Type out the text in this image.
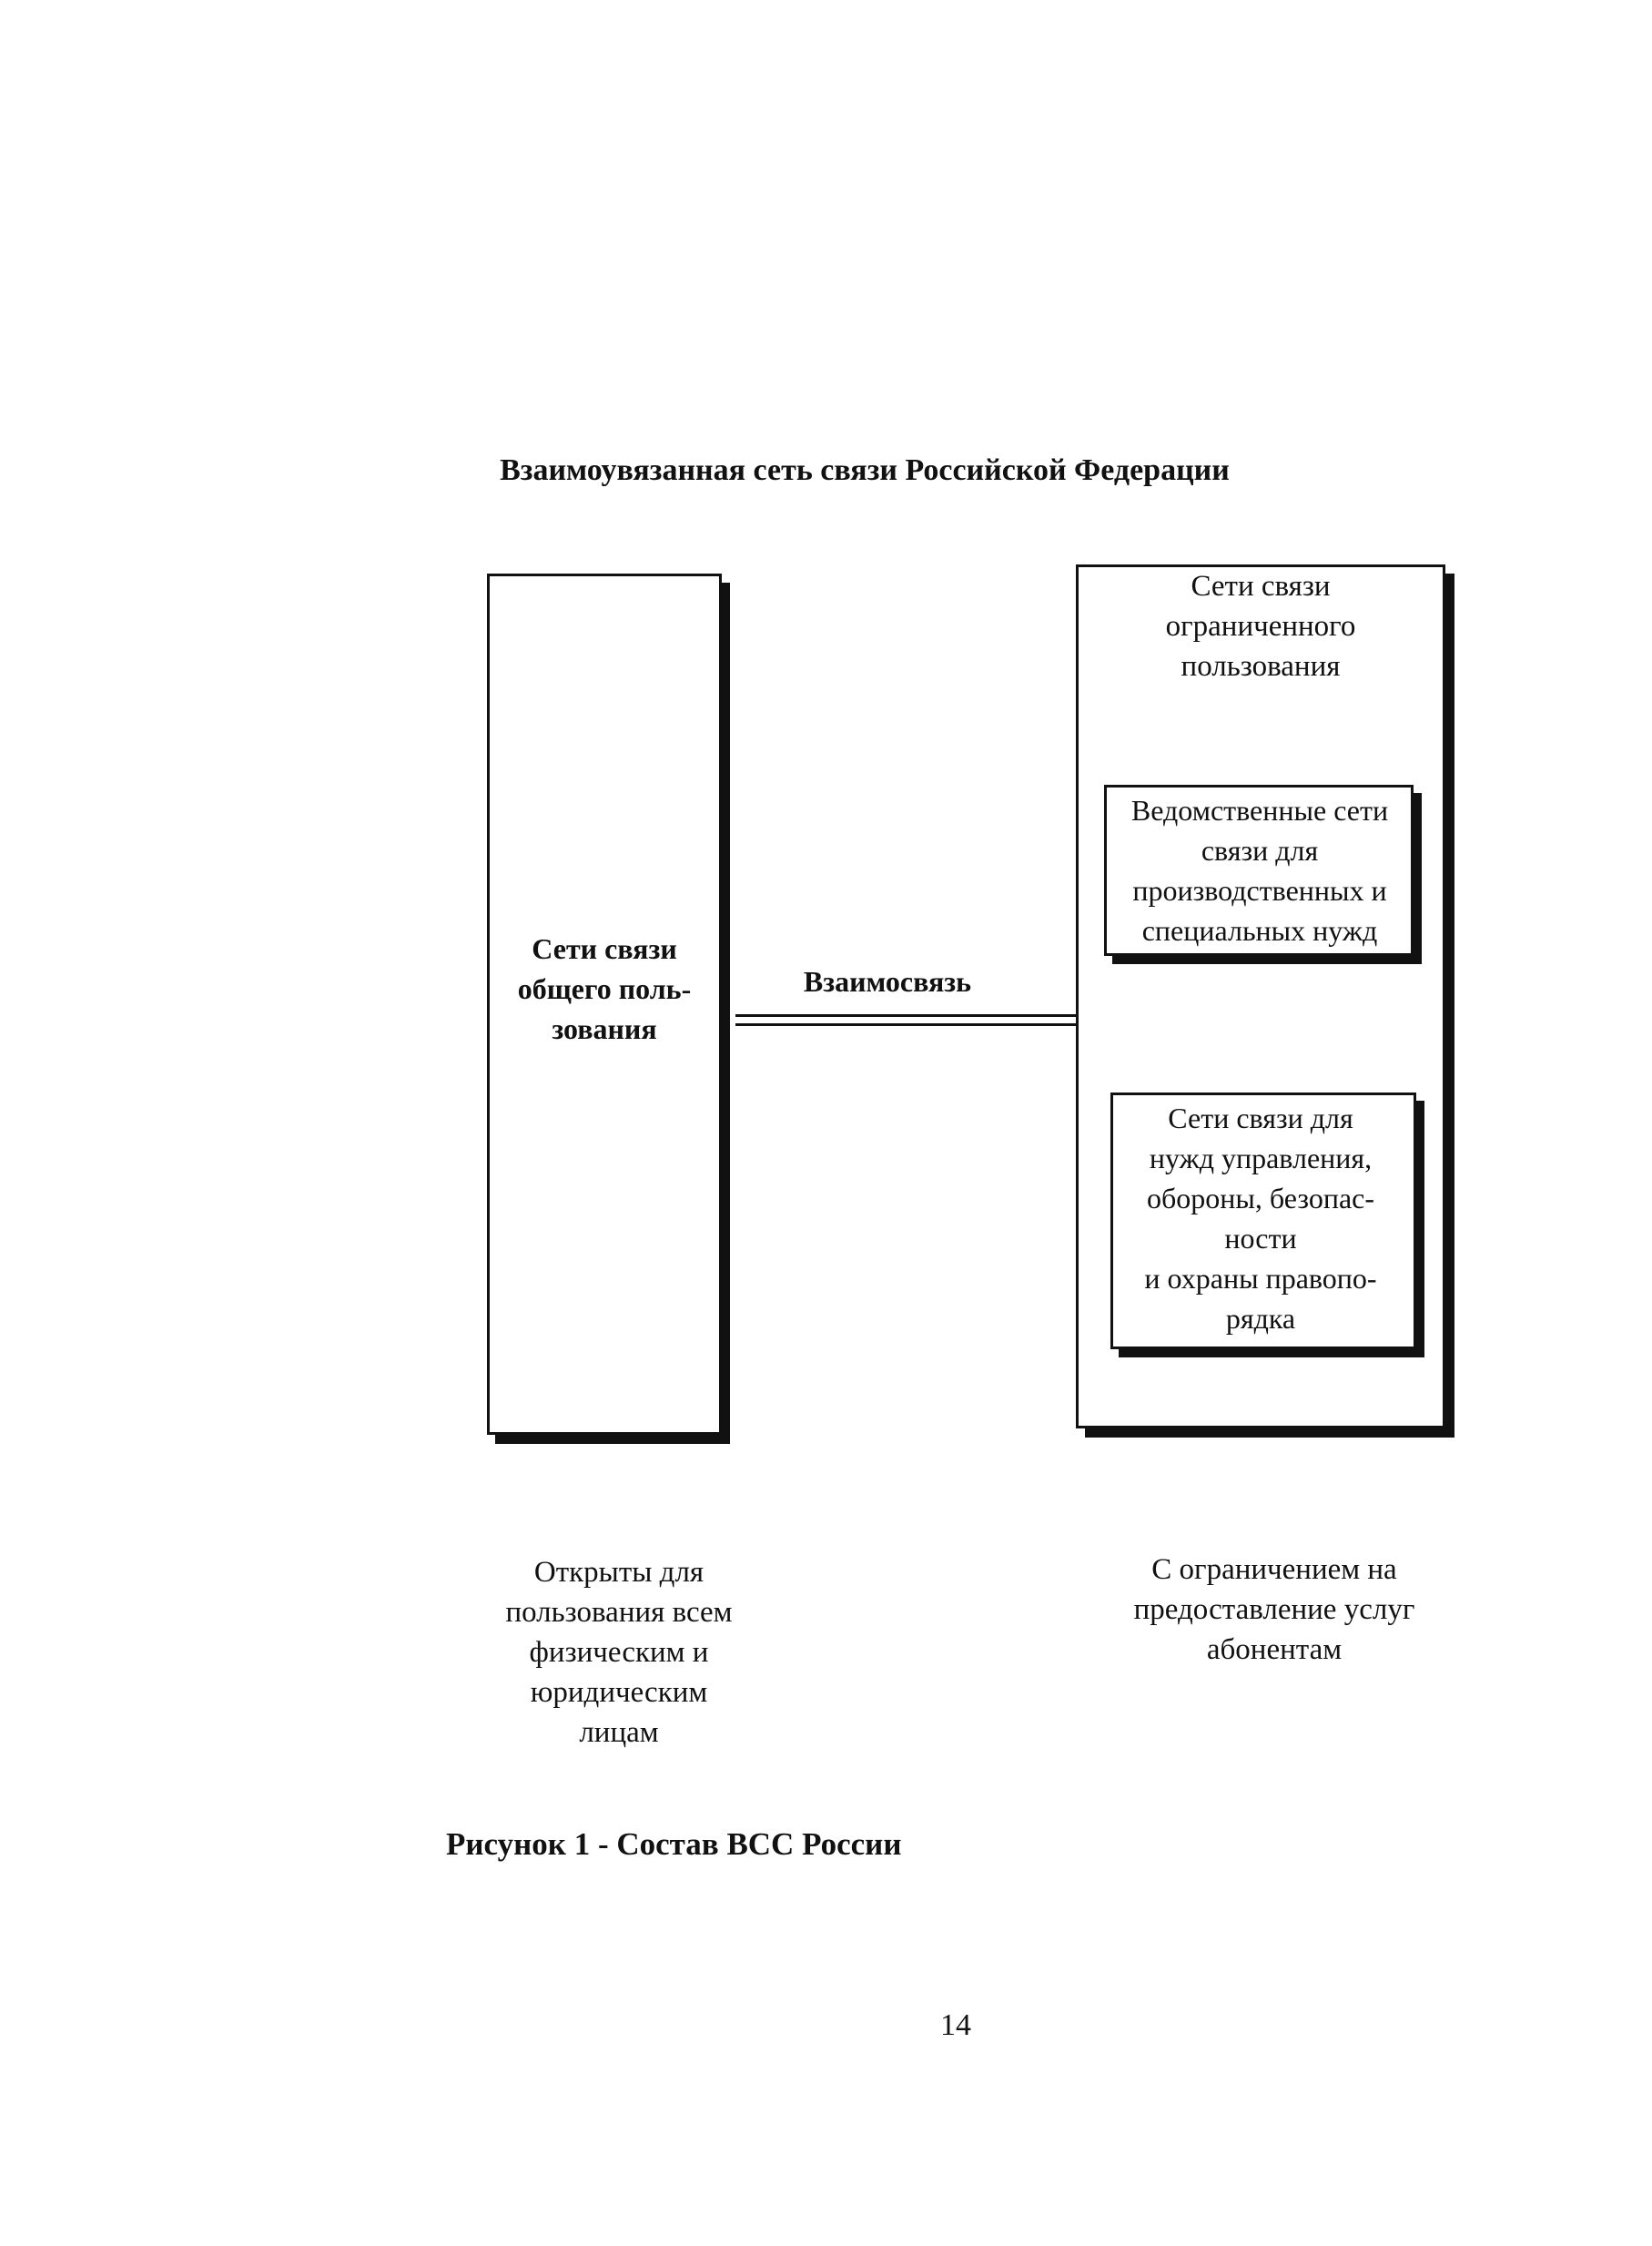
Взаимоувязанная сеть связи Российской Федерации
Сети связи
общего поль-
зования
Взаимосвязь
Сети связи
ограниченного
пользования
Ведомственные сети
связи для
производственных и
специальных нужд
Сети связи для
нужд управления,
обороны, безопас-
ности
и охраны правопо-
рядка
Открыты для
пользования всем
физическим и
юридическим
лицам
С ограничением на
предоставление услуг
абонентам
Рисунок 1 - Состав ВСС России
14
